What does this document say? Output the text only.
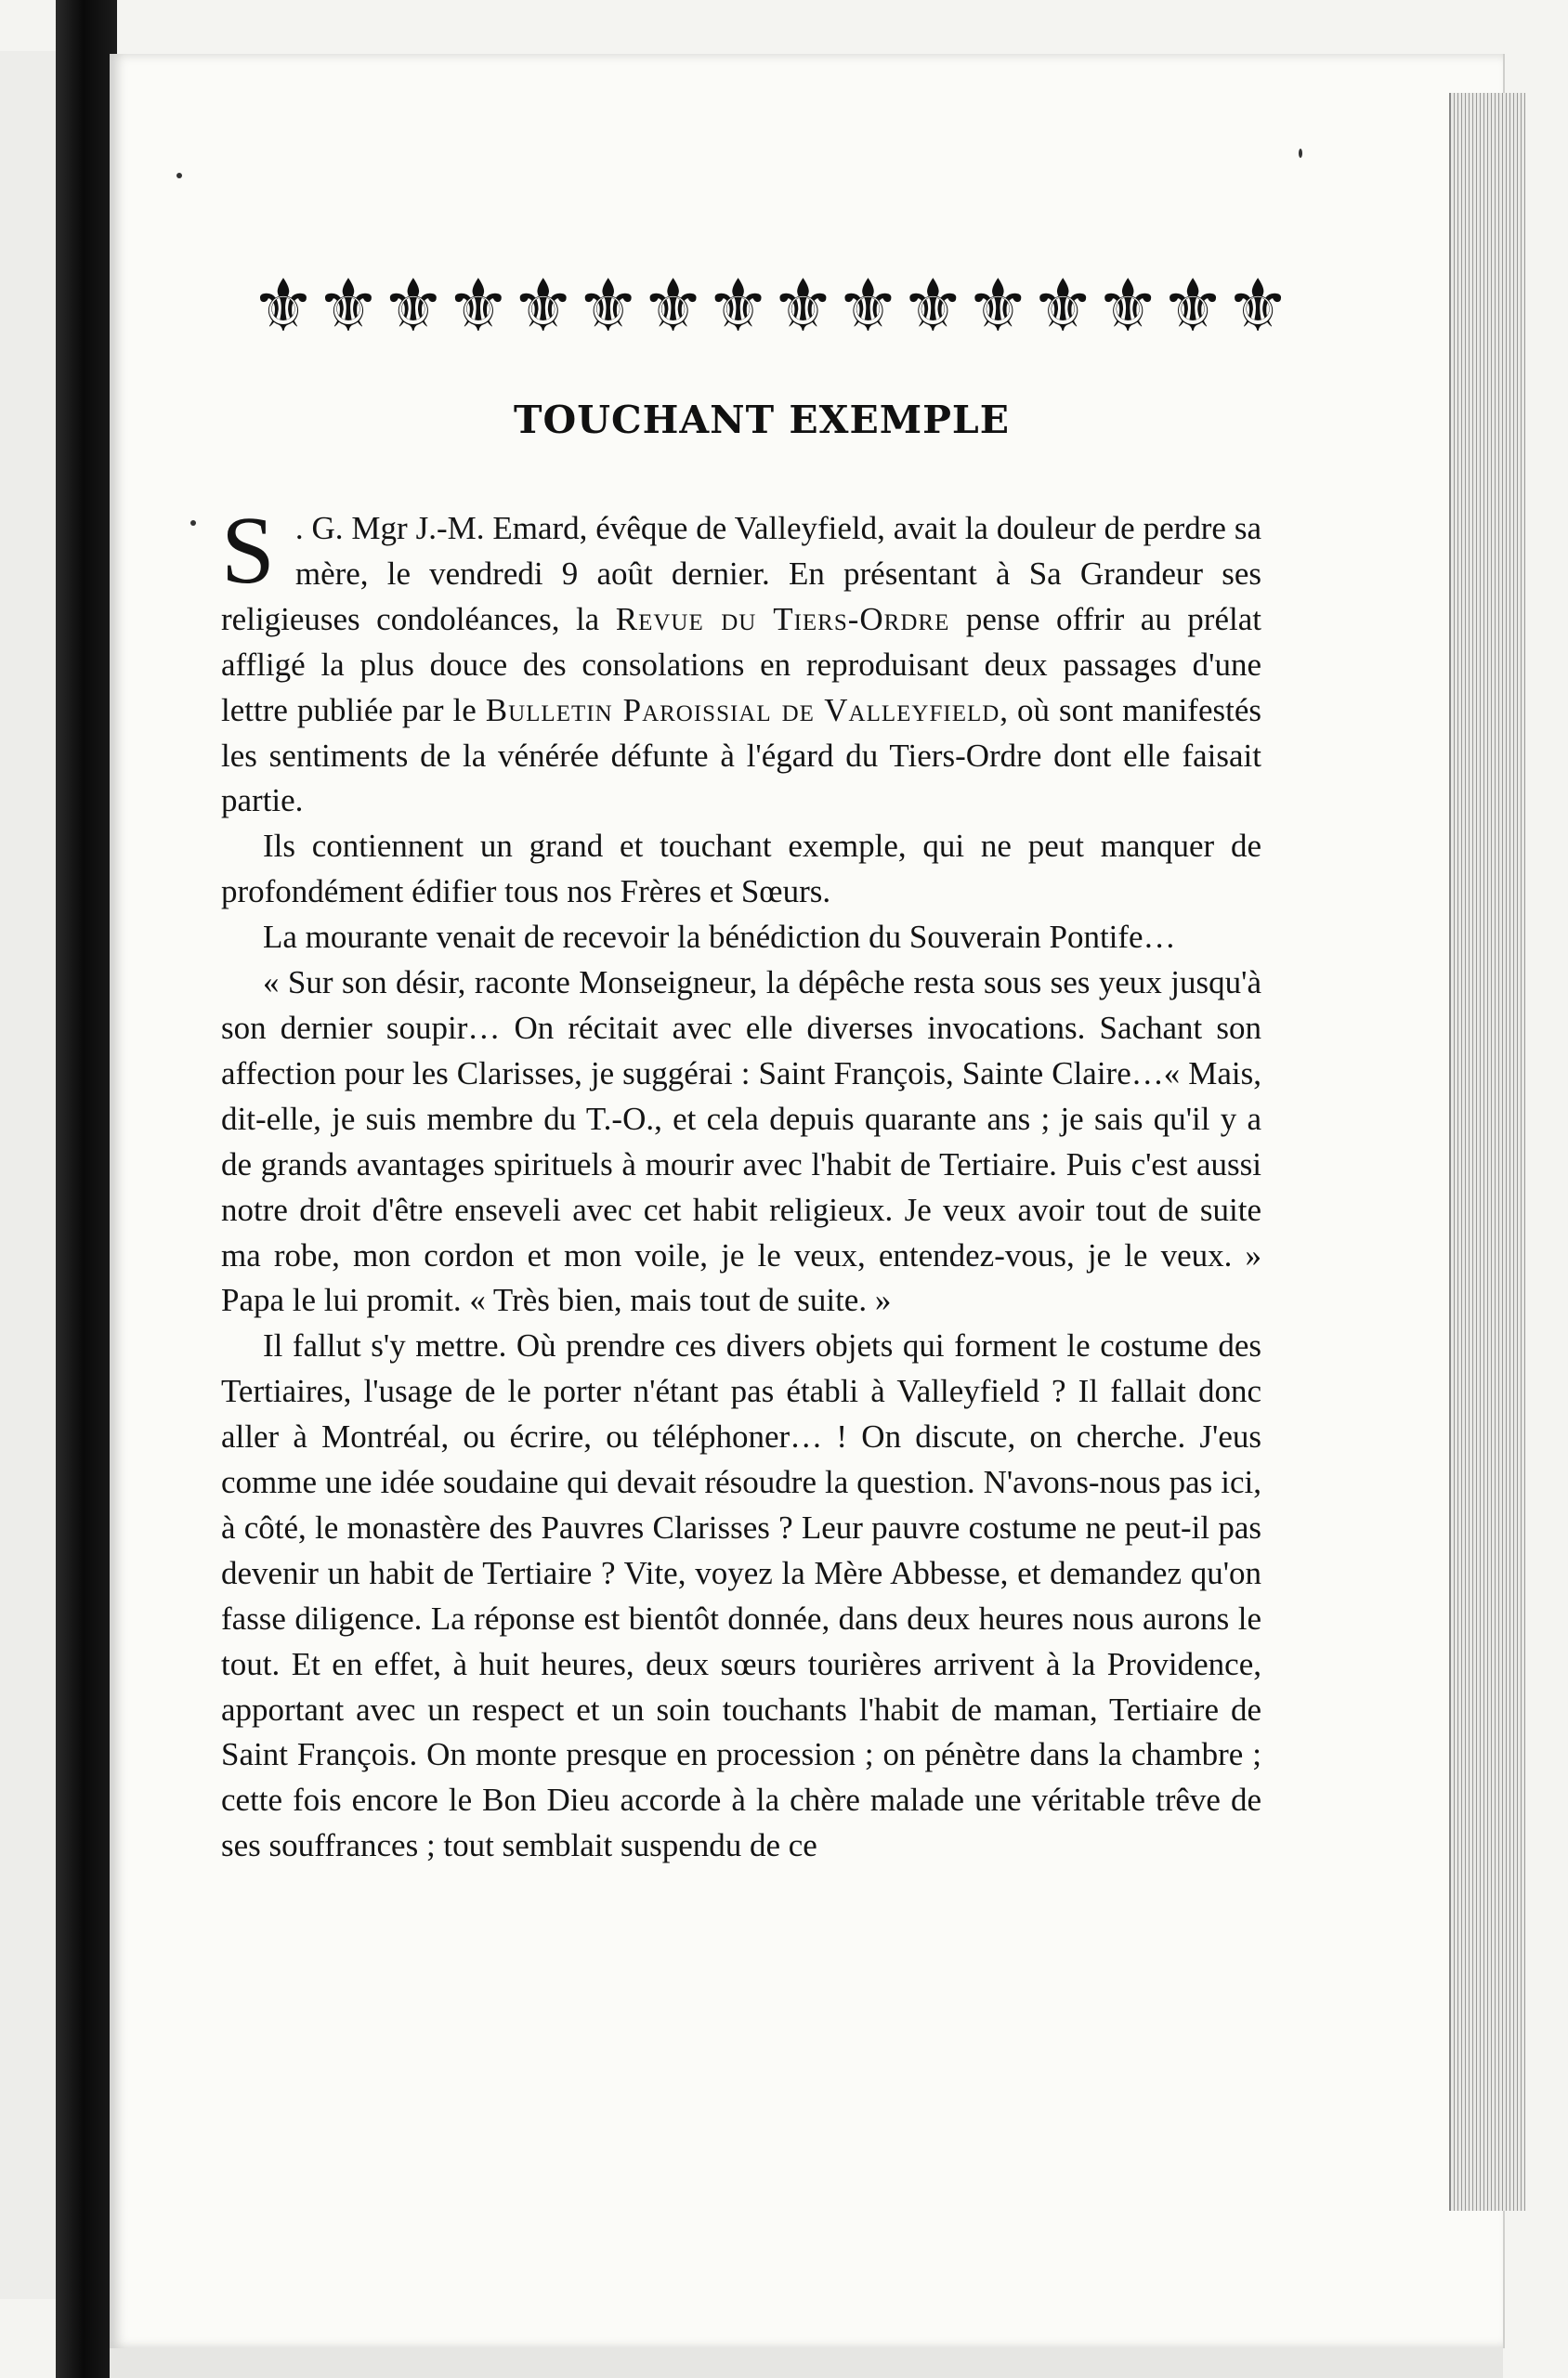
⚜ ⚜ ⚜ ⚜ ⚜ ⚜ ⚜ ⚜ ⚜ ⚜ ⚜ ⚜ ⚜ ⚜ ⚜ ⚜
TOUCHANT EXEMPLE

S . G. Mgr J.-M. Emard, évêque de Valleyfield, avait la douleur de perdre sa mère, le vendredi 9 août dernier. En présentant à Sa Grandeur ses religieuses condoléances, la Revue du Tiers-Ordre pense offrir au prélat affligé la plus douce des consolations en reproduisant deux passages d'une lettre publiée par le Bulletin Paroissial de Valleyfield, où sont manifestés les sentiments de la vénérée défunte à l'égard du Tiers-Ordre dont elle faisait partie.

Ils contiennent un grand et touchant exemple, qui ne peut manquer de profondément édifier tous nos Frères et Sœurs.

La mourante venait de recevoir la bénédiction du Souverain Pontife…

« Sur son désir, raconte Monseigneur, la dépêche resta sous ses yeux jusqu'à son dernier soupir… On récitait avec elle diverses invocations. Sachant son affection pour les Clarisses, je suggérai : Saint François, Sainte Claire…« Mais, dit-elle, je suis membre du T.-O., et cela depuis quarante ans ; je sais qu'il y a de grands avantages spirituels à mourir avec l'habit de Tertiaire. Puis c'est aussi notre droit d'être enseveli avec cet habit religieux. Je veux avoir tout de suite ma robe, mon cordon et mon voile, je le veux, entendez-vous, je le veux. » Papa le lui promit. « Très bien, mais tout de suite. »

Il fallut s'y mettre. Où prendre ces divers objets qui forment le costume des Tertiaires, l'usage de le porter n'étant pas établi à Valleyfield ? Il fallait donc aller à Montréal, ou écrire, ou téléphoner… ! On discute, on cherche. J'eus comme une idée soudaine qui devait résoudre la question. N'avons-nous pas ici, à côté, le monastère des Pauvres Clarisses ? Leur pauvre costume ne peut-il pas devenir un habit de Tertiaire ? Vite, voyez la Mère Abbesse, et demandez qu'on fasse diligence. La réponse est bientôt donnée, dans deux heures nous aurons le tout. Et en effet, à huit heures, deux sœurs tourières arrivent à la Providence, apportant avec un respect et un soin touchants l'habit de maman, Tertiaire de Saint François. On monte presque en procession ; on pénètre dans la chambre ; cette fois encore le Bon Dieu accorde à la chère malade une véritable trêve de ses souffrances ; tout semblait suspendu de ce
